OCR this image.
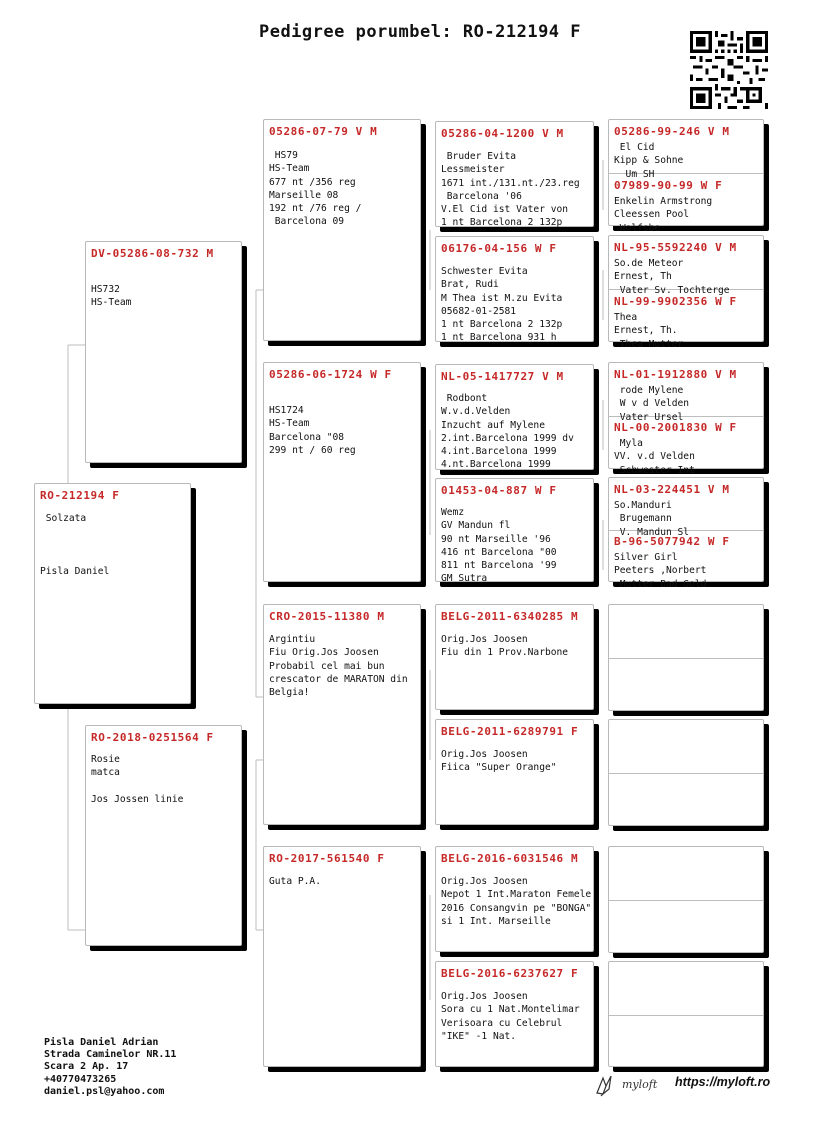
Pedigree porumbel: RO-212194 F
RO-212194 F
Solzata

Pisla Daniel
DV-05286-08-732 M
HS732
HS-Team
RO-2018-0251564 F
Rosie
matca

Jos Jossen linie
05286-07-79 V M
HS79
HS-Team
677 nt /356 reg
Marseille 08
192 nt /76 reg /
Barcelona 09
05286-06-1724 W F
HS1724
HS-Team
Barcelona "08
299 nt / 60 reg
CRO-2015-11380 M
Argintiu
Fiu Orig.Jos Joosen
Probabil cel mai bun
crescator de MARATON din
Belgia!
RO-2017-561540 F
Guta P.A.
05286-04-1200 V M
Bruder Evita
Lessmeister
1671 int./131.nt./23.reg
Barcelona '06
V.El Cid ist Vater von
1 nt Barcelona 2 132p
06176-04-156 W F
Schwester Evita
Brat, Rudi
M Thea ist M.zu Evita
05682-01-2581
1 nt Barcelona 2 132p
1 nt Barcelona 931 h
NL-05-1417727 V M
Rodbont
W.v.d.Velden
Inzucht auf Mylene
2.int.Barcelona 1999 dv
4.int.Barcelona 1999
4.nt.Barcelona 1999
01453-04-887 W F
Wemz
GV Mandun fl
90 nt Marseille '96
416 nt Barcelona "00
811 nt Barcelona '99
GM Sutra
BELG-2011-6340285 M
Orig.Jos Joosen
Fiu din 1 Prov.Narbone
BELG-2011-6289791 F
Orig.Jos Joosen
Fiica "Super Orange"
BELG-2016-6031546 M
Orig.Jos Joosen
Nepot 1 Int.Maraton Femele
2016 Consangvin pe "BONGA"
si 1 Int. Marseille
BELG-2016-6237627 F
Orig.Jos Joosen
Sora cu 1 Nat.Montelimar
Verisoara cu Celebrul
"IKE" -1 Nat.
05286-99-246 V M
El Cid
Kipp & Sohne
Um SH
07989-90-99 W F
Enkelin Armstrong
Cleessen Pool
Wolfsbe
NL-95-5592240 V M
So.de Meteor
Ernest, Th
Vater Sv. Tochterge
NL-99-9902356 W F
Thea
Ernest, Th.
Thea Mutter
NL-01-1912880 V M
rode Mylene
W v d Velden
Vater Ursel
NL-00-2001830 W F
Myla
VV. v.d Velden
Schwester Int
NL-03-224451 V M
So.Manduri
Brugemann
V. Mandun Sl
B-96-5077942 W F
Silver Girl
Peeters ,Norbert
Mutter Bad Gold
Pisla Daniel Adrian
Strada Caminelor NR.11
Scara 2 Ap. 17
+40770473265
daniel.psl@yahoo.com
myloft https://myloft.ro
